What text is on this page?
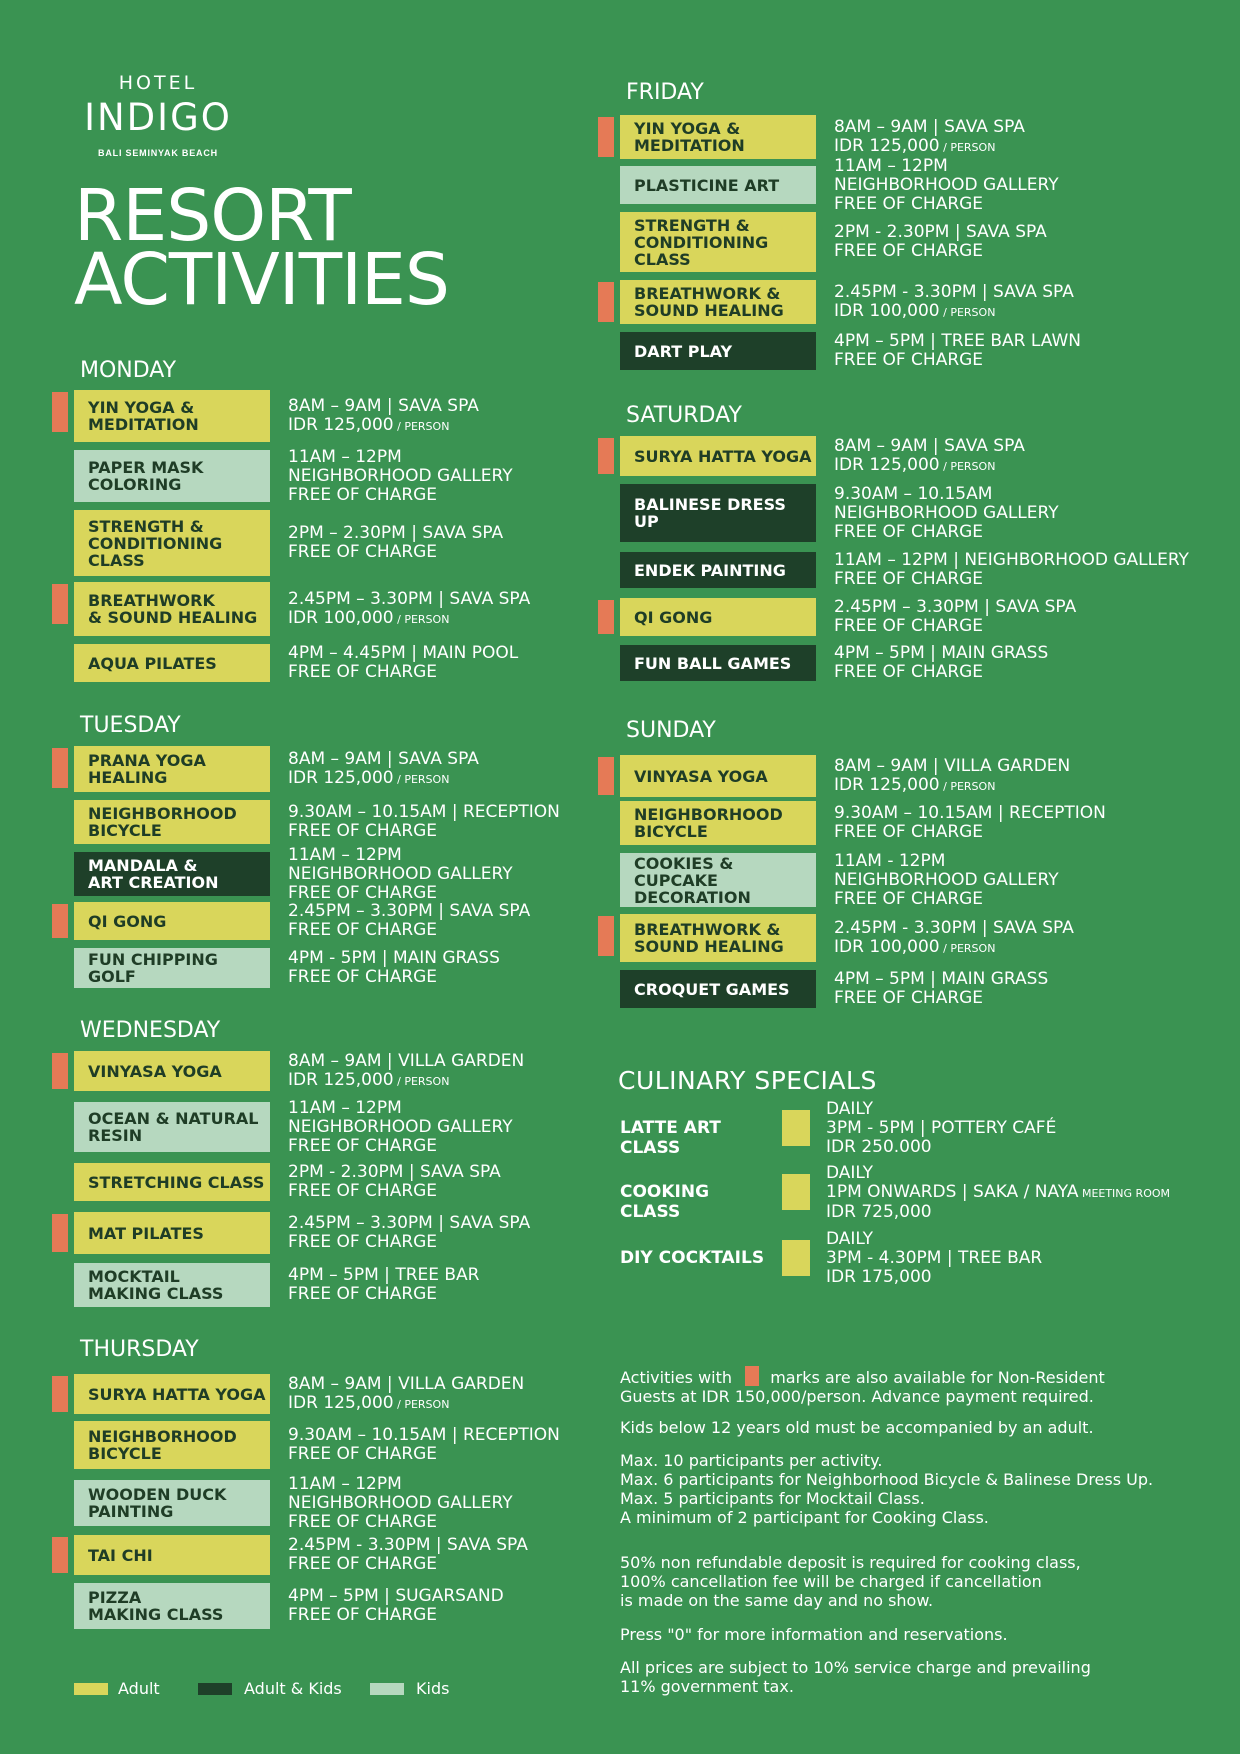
HOTEL
INDIGO
BALI SEMINYAK BEACH
RESORT
ACTIVITIES
MONDAY
YIN YOGA &
MEDITATION
8AM – 9AM | SAVA SPA
IDR 125,000 / PERSON
PAPER MASK
COLORING
11AM – 12PM
NEIGHBORHOOD GALLERY
FREE OF CHARGE
STRENGTH &
CONDITIONING
CLASS
2PM – 2.30PM | SAVA SPA
FREE OF CHARGE
BREATHWORK
& SOUND HEALING
2.45PM – 3.30PM | SAVA SPA
IDR 100,000 / PERSON
AQUA PILATES	4PM – 4.45PM | MAIN POOL
FREE OF CHARGE
TUESDAY
PRANA YOGA
HEALING
8AM – 9AM | SAVA SPA
IDR 125,000 / PERSON
NEIGHBORHOOD
BICYCLE
9.30AM – 10.15AM | RECEPTION
FREE OF CHARGE
MANDALA &
ART CREATION
11AM – 12PM
NEIGHBORHOOD GALLERY
FREE OF CHARGE
QI GONG	2.45PM – 3.30PM | SAVA SPA
FREE OF CHARGE
FUN CHIPPING GOLF
4PM - 5PM | MAIN GRASS
FREE OF CHARGE
WEDNESDAY
VINYASA YOGA	8AM – 9AM | VILLA GARDEN
IDR 125,000 / PERSON
OCEAN & NATURAL
RESIN
11AM – 12PM
NEIGHBORHOOD GALLERY
FREE OF CHARGE
STRETCHING CLASS	2PM - 2.30PM | SAVA SPA
FREE OF CHARGE
MAT PILATES	2.45PM – 3.30PM | SAVA SPA
FREE OF CHARGE
MOCKTAIL
MAKING CLASS
4PM – 5PM | TREE BAR
FREE OF CHARGE
THURSDAY
SURYA HATTA YOGA 8AM – 9AM | VILLA GARDEN
IDR 125,000 / PERSON
NEIGHBORHOOD
BICYCLE
9.30AM – 10.15AM | RECEPTION
FREE OF CHARGE
WOODEN DUCK
PAINTING
11AM – 12PM
NEIGHBORHOOD GALLERY
FREE OF CHARGE
TAI CHI	2.45PM - 3.30PM | SAVA SPA
FREE OF CHARGE
PIZZA
MAKING CLASS
4PM – 5PM | SUGARSAND
FREE OF CHARGE
FRIDAY
YIN YOGA &
MEDITATION
8AM – 9AM | SAVA SPA
IDR 125,000 / PERSON
PLASTICINE ART
11AM – 12PM
NEIGHBORHOOD GALLERY
FREE OF CHARGE
STRENGTH &
CONDITIONING
CLASS
2PM - 2.30PM | SAVA SPA
FREE OF CHARGE
BREATHWORK &
SOUND HEALING
2.45PM - 3.30PM | SAVA SPA
IDR 100,000 / PERSON
DART PLAY	4PM – 5PM | TREE BAR LAWN
FREE OF CHARGE
SATURDAY
SURYA HATTA YOGA 8AM – 9AM | SAVA SPA
IDR 125,000 / PERSON
BALINESE DRESS UP
9.30AM – 10.15AM
NEIGHBORHOOD GALLERY
FREE OF CHARGE
ENDEK PAINTING	11AM – 12PM | NEIGHBORHOOD GALLERY
FREE OF CHARGE
QI GONG	2.45PM – 3.30PM | SAVA SPA
FREE OF CHARGE
FUN BALL GAMES	4PM – 5PM | MAIN GRASS
FREE OF CHARGE
SUNDAY
VINYASA YOGA	8AM – 9AM | VILLA GARDEN
IDR 125,000 / PERSON
NEIGHBORHOOD
BICYCLE
9.30AM – 10.15AM | RECEPTION
FREE OF CHARGE
COOKIES & CUPCAKE
DECORATION
11AM - 12PM
NEIGHBORHOOD GALLERY
FREE OF CHARGE
BREATHWORK &
SOUND HEALING
2.45PM - 3.30PM | SAVA SPA
IDR 100,000 / PERSON
CROQUET GAMES	4PM – 5PM | MAIN GRASS
FREE OF CHARGE
CULINARY SPECIALS
LATTE ART CLASS
DAILY
3PM - 5PM | POTTERY CAFÉ
IDR 250.000
COOKING CLASS
DAILY
1PM ONWARDS | SAKA / NAYA MEETING ROOM
IDR 725,000
DIY COCKTAILS
DAILY
3PM - 4.30PM | TREE BAR
IDR 175,000
Activities with marks are also available for Non-Resident
Guests at IDR 150,000/person. Advance payment required.
Kids below 12 years old must be accompanied by an adult.
Max. 10 participants per activity.
Max. 6 participants for Neighborhood Bicycle & Balinese Dress Up.
Max. 5 participants for Mocktail Class.
A minimum of 2 participant for Cooking Class.
50% non refundable deposit is required for cooking class,
100% cancellation fee will be charged if cancellation
is made on the same day and no show.
Press "0" for more information and reservations.
All prices are subject to 10% service charge and prevailing
11% government tax.
Adult	Adult & Kids	Kids
